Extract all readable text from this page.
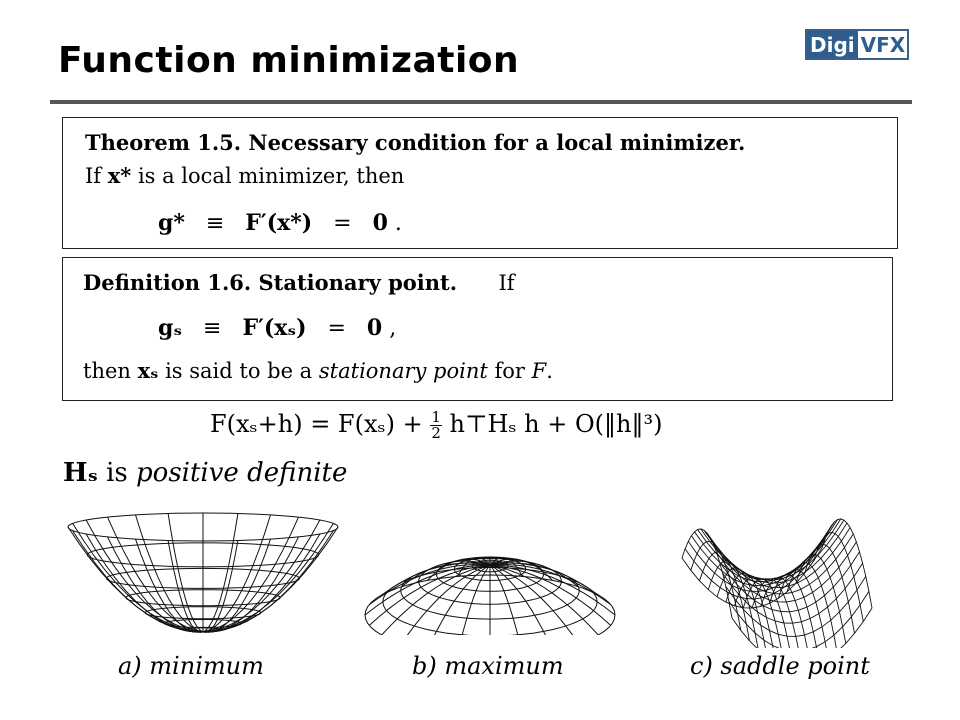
Function minimization	Digi VFX
Theorem 1.5. Necessary condition for a local minimizer.
If x* is a local minimizer, then
g* ≡ F′(x*) = 0 .
Definition 1.6. Stationary point. If
gₛ ≡ F′(xₛ) = 0 ,
then xₛ is said to be a stationary point for F.
$F(x_s+h) = F(x_s) + \frac{1}{2}$ h⊤Hₛ h + O(‖h‖³)
Hₛ is positive definite
a) minimum	b) maximum	c) saddle point
